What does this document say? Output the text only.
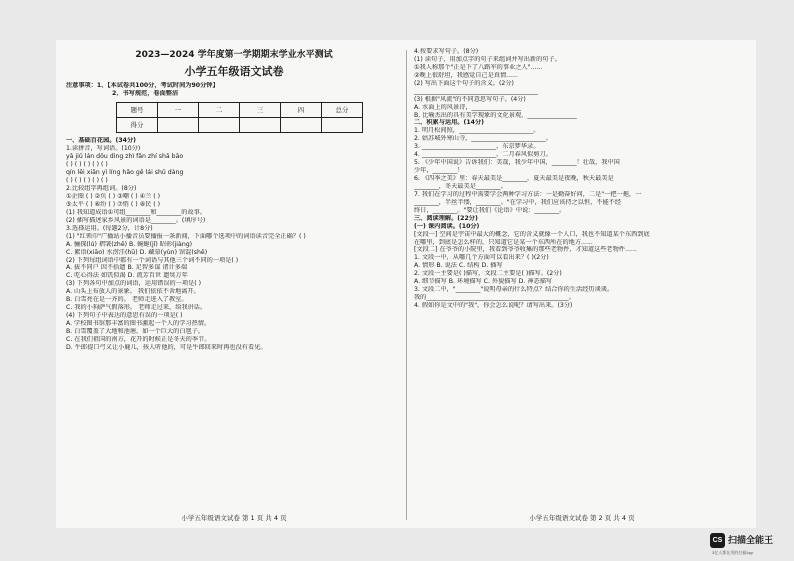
2023—2024 学年度第一学期期末学业水平测试
小学五年级语文试卷
注意事项：1、【本试卷共100分，考试时间为90分钟】
2、书写规范，卷面整洁
题号	一	二	三	四	总分
得分					
一、基础百花园。(34分)
1.读拼音，写词语。(10分)
yā jiǔ lán dǒu dìng zhì fǎn zhí shā bāo
( ) ( ) ( ) ( ) ( )
qín lěi xiān yì líng hǎo gē lái shǔ dàng
( ) ( ) ( ) ( ) ( )
2.比较组字再组词。(8分)
①企图 ( ) ②负 ( ) ③嘲 ( ) ④兰 ( )
⑤太平 ( ) ⑥纷 ( ) ⑦悄 ( ) ⑧民 ( )
(1) 我知道成语①可组________和________的故事。
(2) 插写描述家乡风景的词语是________。(填序号)
3.选择运用。(每题2分，计8分)
(1) "红领巾"广播站小播音员要播报一条新闻，下面哪个选项中的词语读音完全正确？( )
A. 骊探(lú) 褶皱(zhě) B. 蜿蜒(jǐ) 昭彰(jiàng)
C. 絮语(xiāo) 水涝洼(hū) D. 藏慕(yùn) 馆馄(shē)
(2) 下列每组词语中都有一个词语与其他三个词不同的一项是( )
A. 拔不同户 因不拾遗 B. 足智多谋 诸计多端
C. 吃心得法 如饥似渴 D. 流芳百世 遗臭万年
(3) 下列各句中加点的词语，运用错误的一项是( )
A. 山头上布放人的景象。 我们依依不舍地离开。
B. 白雪亮在是一齐的。 老师走进入了教室。
C. 我的小狗萨气假落形。 老师走过来，给我讲话。
(4) 下列句子中表达的意思有误的一项是( )
A. 学校图书馆那丰富的图书激起一个人的学习热情。
B. 白雪覆盖了大地和池塘，如一个巨大的白毯子。
C. 在我们祖国的南方，花开的时候正是冬天的季节。
D. 牛郎提口弓又让小鹿儿，孩人听他的，可是牛郎回来时再也没有看见。
小学五年级语文试卷 第 1 页 共 4 页
4.按要求写句子。(8分)
(1) 读句子，用加点字的句子来组词并写出新的句子。
①我人称那个"正是下了八路军的事业之人"......
②晚上很舒坦，我感觉自己是真情......
(2) 写出下面这个句子的含义。(2分)
________________________________________
(3) 根据"风流"的不同意思写句子。(4分)
A. 水面上的风景诗，________________
B. 比喻杰出的具有美学现象的文化景观，________________
二、积累与运用。(14分)
1. 明月松间照，________________________。
2. 姑苏城外寒山寺，________________________。
3. ________________________，东京梦华录。
4. ________________________，二月春风似剪刀。
5. 《少年中国说》告诉我们：美哉，我少年中国，________！壮哉，我中国
少年，________！
6. 《四季之美》里：春天最美是________，夏天最美是夜晚，秋天最美是
________，冬天最美是________。
7. 我们在学习的过程中需要学会两种学习方法：一是勤奋好问，二是"一把一拖，一
________，半丝半缕，________。"在学习中，我们应该持之以恒，不能不经
终日，________。"要让我们《论语》中说：________。
三、阅读理解。(22分)
(一) 课内阅读。(10分)
[文段一] 空间是宇宙中最大的概念，它的含义就像一个人口，我也不知道某个东西到底
在哪里，到底是怎么样的，只知道它是某一个东西所在的地方......
[文段二] 在爷爷的小院里，我看到爷爷收集的那些老物件，才知道这些老物件......
1. 文段一中，从哪几个方面可以看出来？( )(2分)
A. 情形 B. 说法 C. 结构 D. 插写
2. 文段一主要是( )描写，文段二主要是( )描写。(2分)
A. 细节描写 B. 环境描写 C. 外貌描写 D. 神态描写
3. 文段二中，"________"说明母亲的什么特点？结合你的生活经历谈谈。
我的______________________________________________。
4. 假如你是文中的"我"，你会怎么说呢？请写出来。(3分)
小学五年级语文试卷 第 2 页 共 4 页
CS 扫描全能王
3亿人都在用的扫描App
